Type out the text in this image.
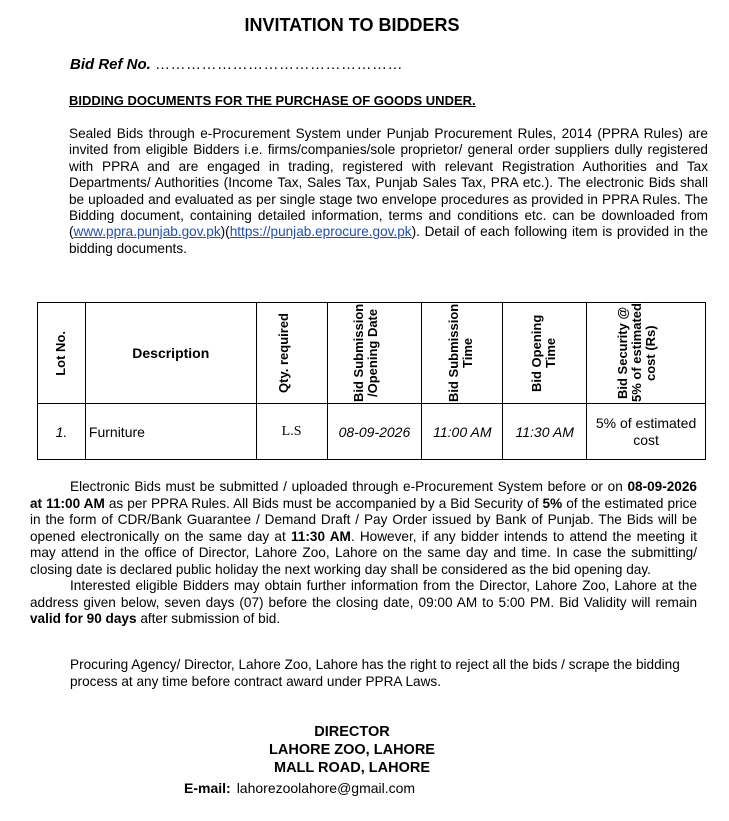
INVITATION TO BIDDERS
Bid Ref No. …………………………………………
BIDDING DOCUMENTS FOR THE PURCHASE OF GOODS UNDER.
Sealed Bids through e-Procurement System under Punjab Procurement Rules, 2014 (PPRA Rules) are invited from eligible Bidders i.e. firms/companies/sole proprietor/ general order suppliers dully registered with PPRA and are engaged in trading, registered with relevant Registration Authorities and Tax Departments/ Authorities (Income Tax, Sales Tax, Punjab Sales Tax, PRA etc.). The electronic Bids shall be uploaded and evaluated as per single stage two envelope procedures as provided in PPRA Rules. The Bidding document, containing detailed information, terms and conditions etc. can be downloaded from (www.ppra.punjab.gov.pk)(https://punjab.eprocure.gov.pk). Detail of each following item is provided in the bidding documents.
Lot No.	Description	Qty. required	Bid Submission /Opening Date	Bid Submission Time	Bid Opening Time	Bid Security @ 5% of estimated cost (Rs)

1.	Furniture	L.S	08-09-2026	11:00 AM	11:30 AM	5% of estimated cost

Electronic Bids must be submitted / uploaded through e-Procurement System before or on 08-09-2026 at 11:00 AM as per PPRA Rules. All Bids must be accompanied by a Bid Security of 5% of the estimated price in the form of CDR/Bank Guarantee / Demand Draft / Pay Order issued by Bank of Punjab. The Bids will be opened electronically on the same day at 11:30 AM. However, if any bidder intends to attend the meeting it may attend in the office of Director, Lahore Zoo, Lahore on the same day and time. In case the submitting/ closing date is declared public holiday the next working day shall be considered as the bid opening day.

Interested eligible Bidders may obtain further information from the Director, Lahore Zoo, Lahore at the address given below, seven days (07) before the closing date, 09:00 AM to 5:00 PM. Bid Validity will remain valid for 90 days after submission of bid.

Procuring Agency/ Director, Lahore Zoo, Lahore has the right to reject all the bids / scrape the bidding process at any time before contract award under PPRA Laws.
DIRECTOR
LAHORE ZOO, LAHORE
MALL ROAD, LAHORE
E-mail: lahorezoolahore@gmail.com
